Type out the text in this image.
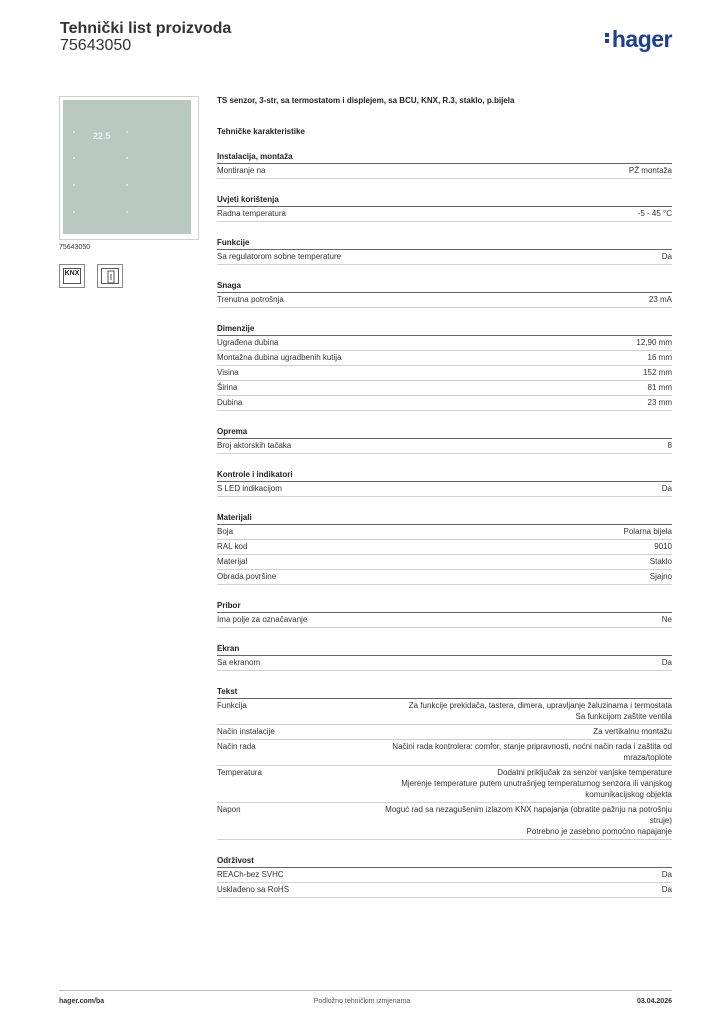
Tehnički list proizvoda
75643050	hager
22.5
75643050
KNX
TS senzor, 3-str, sa termostatom i displejem, sa BCU, KNX, R.3, staklo, p.bijela
Tehničke karakteristike
Instalacija, montaža
Montiranje na	PŽ montaža
Uvjeti korištenja
Radna temperatura	-5 - 45 °C
Funkcije
Sa regulatorom sobne temperature	Da
Snaga
Trenutna potrošnja	23 mA
Dimenzije
Ugrađena dubina	12,90 mm
Montažna dubina ugradbenih kutija	16 mm
Visina	152 mm
Širina	81 mm
Dubina	23 mm
Oprema
Broj aktorskih tačaka	8
Kontrole i indikatori
S LED indikacijom	Da
Materijali
Boja	Polarna bijela
RAL kod	9010
Materijal	Staklo
Obrada površine	Sjajno
Pribor
Ima polje za označavanje	Ne
Ekran
Sa ekranom	Da
Tekst
Funkcija	Za funkcije prekidača, tastera, dimera, upravljanje žaluzinama i termostata
Sa funkcijom zaštite ventila
Način instalacije	Za vertikalnu montažu
Način rada	Načini rada kontrolera: comfor, stanje pripravnosti, noćni način rada i zaštita od mraza/toplote
Temperatura	Dodatni priključak za senzor vanjske temperature
Mjerenje temperature putem unutrašnjeg temperaturnog senzora ili vanjskog komunikacijskog objekta
Napon	Moguć rad sa nezagušenim izlazom KNX napajanja (obratite pažnju na potrošnju struje)
Potrebno je zasebno pomoćno napajanje
Održivost
REACh-bez SVHC	Da
Usklađeno sa RoHS	Da
hager.com/ba	Podložno tehničkim izmjenama	03.04.2026
